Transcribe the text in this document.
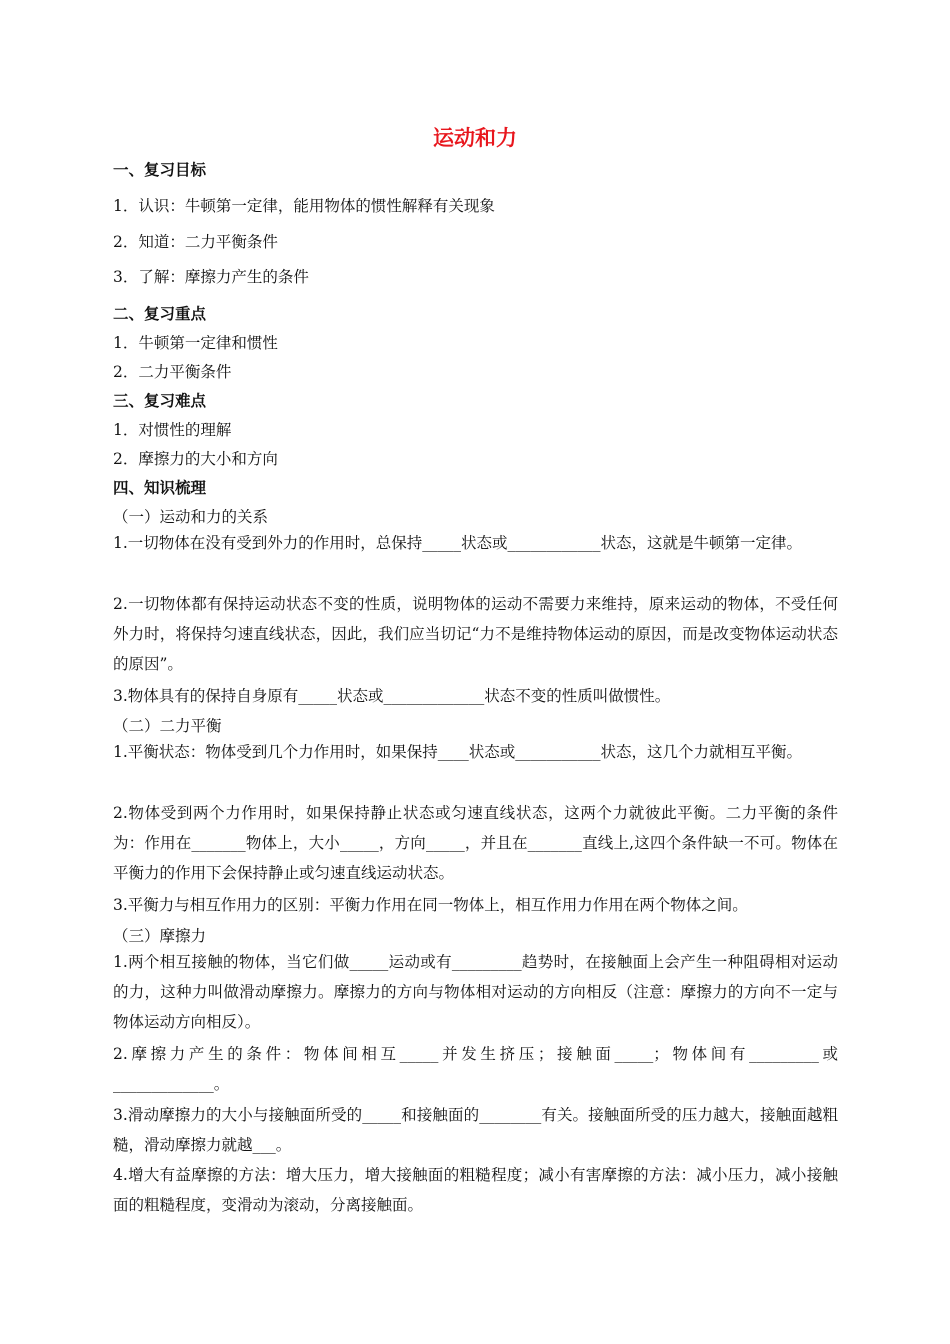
运动和力
一、复习目标
1．认识：牛顿第一定律，能用物体的惯性解释有关现象
2．知道：二力平衡条件
3．了解：摩擦力产生的条件
二、复习重点
1．牛顿第一定律和惯性
2．二力平衡条件
三、复习难点
1．对惯性的理解
2．摩擦力的大小和方向
四、知识梳理
（一）运动和力的关系
1.一切物体在没有受到外力的作用时，总保持_____状态或____________状态，这就是牛顿第一定律。
2.一切物体都有保持运动状态不变的性质，说明物体的运动不需要力来维持，原来运动的物体，不受任何外力时，将保持匀速直线状态，因此，我们应当切记“力不是维持物体运动的原因，而是改变物体运动状态的原因”。
3.物体具有的保持自身原有_____状态或_____________状态不变的性质叫做惯性。
（二）二力平衡
1.平衡状态：物体受到几个力作用时，如果保持____状态或___________状态，这几个力就相互平衡。
2.物体受到两个力作用时，如果保持静止状态或匀速直线状态，这两个力就彼此平衡。二力平衡的条件为：作用在_______物体上，大小_____，方向_____，并且在_______直线上,这四个条件缺一不可。物体在平衡力的作用下会保持静止或匀速直线运动状态。
3.平衡力与相互作用力的区别：平衡力作用在同一物体上，相互作用力作用在两个物体之间。
（三）摩擦力
1.两个相互接触的物体，当它们做_____运动或有_________趋势时，在接触面上会产生一种阻碍相对运动的力，这种力叫做滑动摩擦力。摩擦力的方向与物体相对运动的方向相反（注意：摩擦力的方向不一定与物体运动方向相反）。
2.摩擦力产生的条件：物体间相互_____并发生挤压；接触面_____；物体间有_________或_____________。
3.滑动摩擦力的大小与接触面所受的_____和接触面的________有关。接触面所受的压力越大，接触面越粗糙，滑动摩擦力就越___。
4.增大有益摩擦的方法：增大压力，增大接触面的粗糙程度；减小有害摩擦的方法：减小压力，减小接触面的粗糙程度，变滑动为滚动，分离接触面。
